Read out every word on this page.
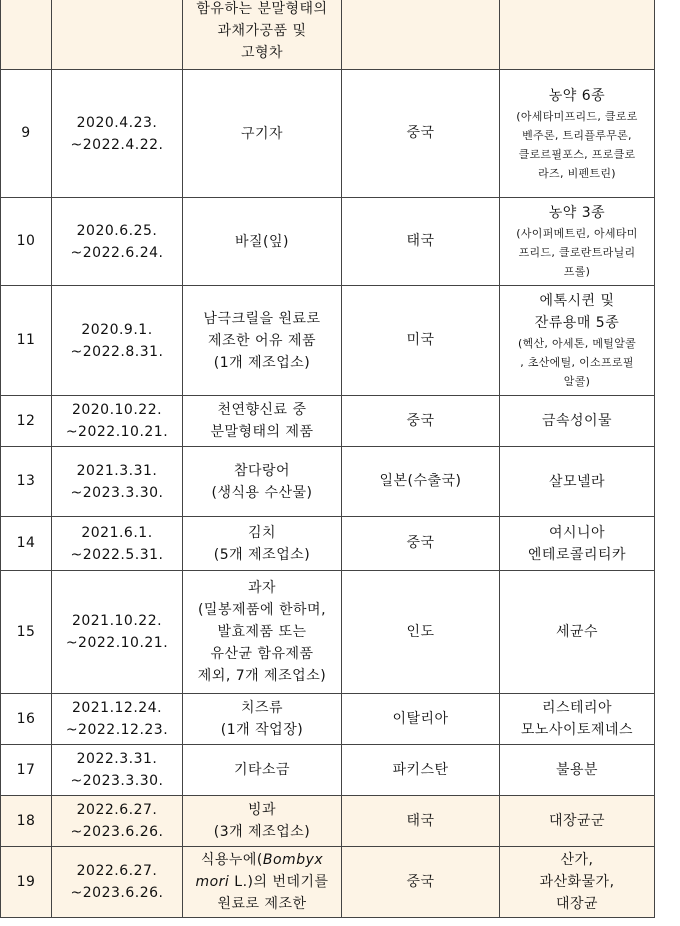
		함유하는 분말형태의
과채가공품 및
고형차		

9	2020.4.23.
~2022.4.22.	구기자	중국	농약 6종
(아세타미프리드, 클로로
벤주론, 트리플루무론,
클로르필포스, 프로클로
라즈, 비펜트린)

10	2020.6.25.
~2022.6.24.	바질(잎)	태국	농약 3종
(사이퍼메트린, 아세타미
프리드, 클로란트라닐리
프롤)

11	2020.9.1.
~2022.8.31.	남극크릴을 원료로
제조한 어유 제품
(1개 제조업소)	미국	에톡시퀸 및
잔류용매 5종
(헥산, 아세톤, 메틸알콜
, 초산에틸, 이소프로필
알콜)

12	2020.10.22.
~2022.10.21.	천연향신료 중
분말형태의 제품	중국	금속성이물

13	2021.3.31.
~2023.3.30.	참다랑어
(생식용 수산물)	일본(수출국)	살모넬라

14	2021.6.1.
~2022.5.31.	김치
(5개 제조업소)	중국	여시니아
엔테로콜리티카

15	2021.10.22.
~2022.10.21.	과자
(밀봉제품에 한하며,
발효제품 또는
유산균 함유제품
제외, 7개 제조업소)	인도	세균수

16	2021.12.24.
~2022.12.23.	치즈류
(1개 작업장)	이탈리아	리스테리아
모노사이토제네스

17	2022.3.31.
~2023.3.30.	기타소금	파키스탄	불용분

18	2022.6.27.
~2023.6.26.	빙과
(3개 제조업소)	태국	대장균군

19	2022.6.27.
~2023.6.26.	식용누에(Bombyx
mori L.)의 번데기를
원료로 제조한	중국	산가,
과산화물가,
대장균
